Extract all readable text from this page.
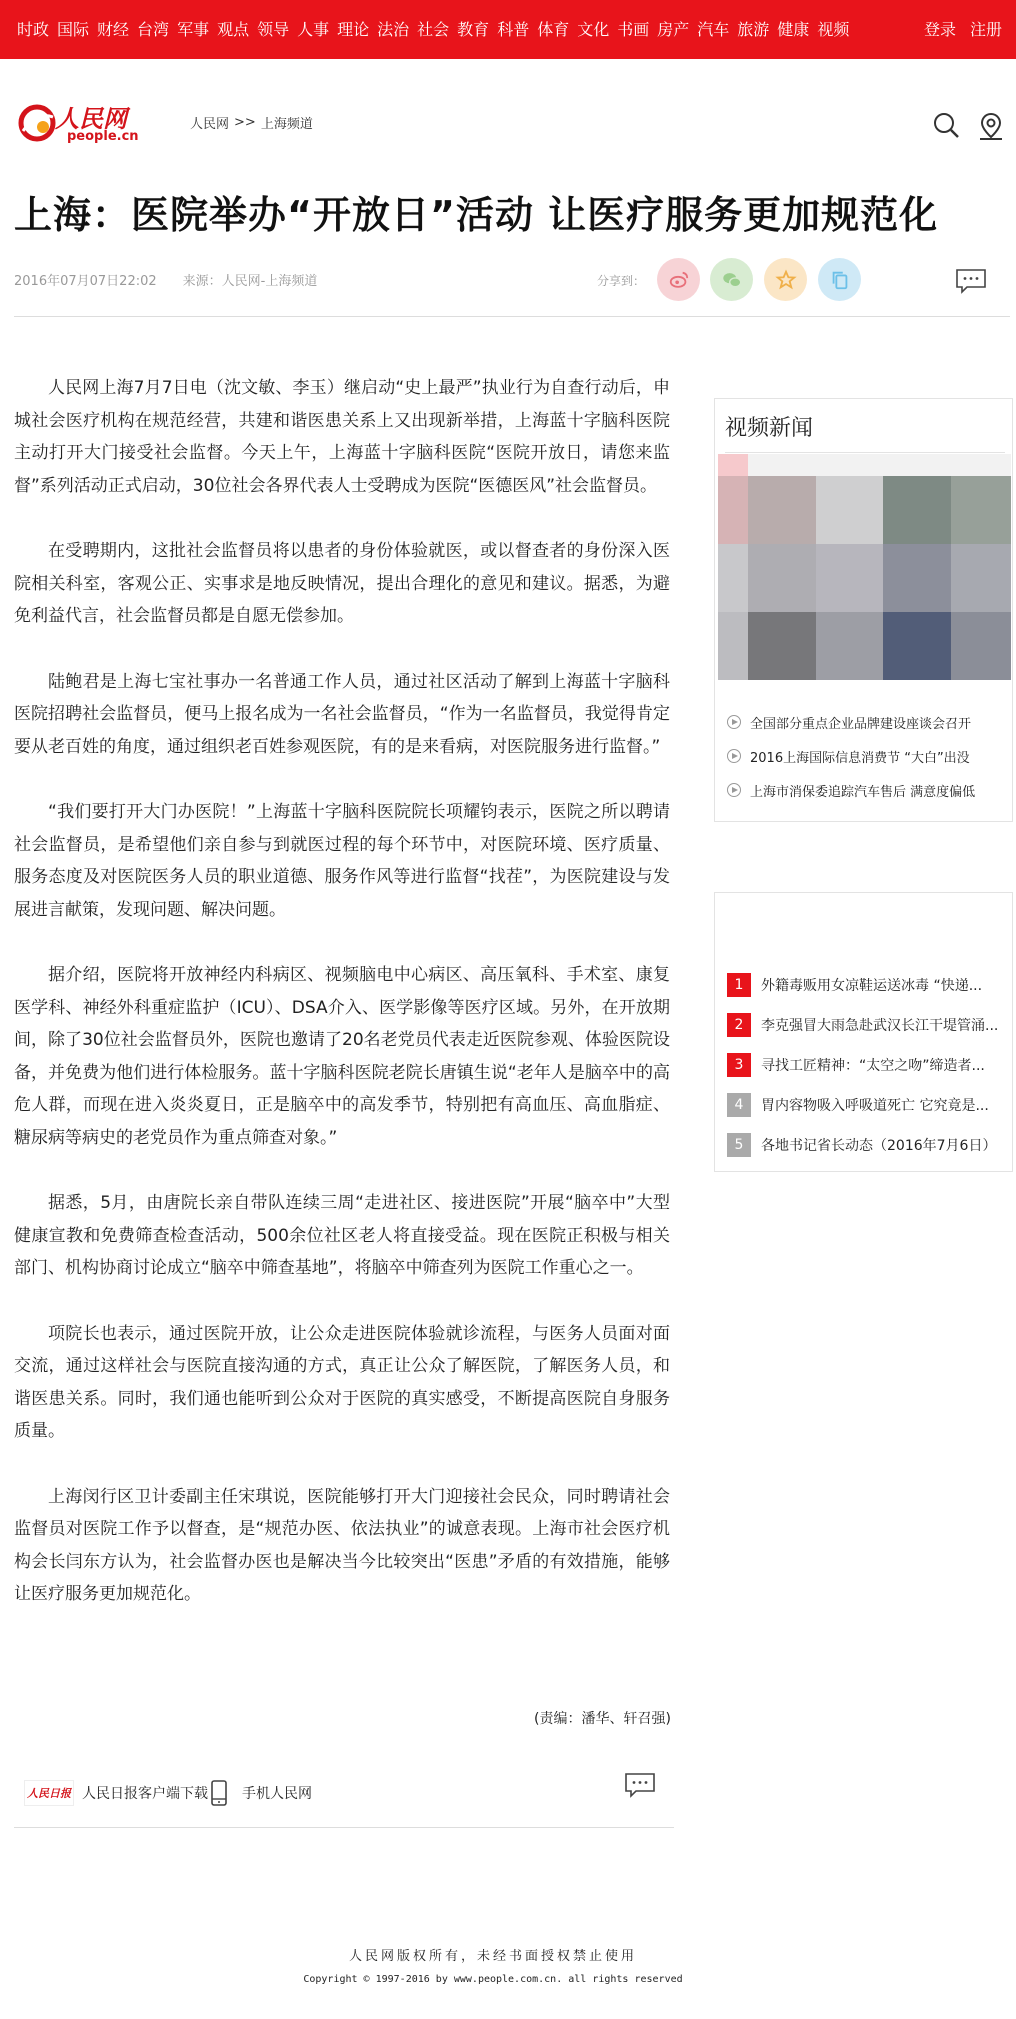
时政 国际 财经 台湾 军事 观点 领导 人事 理论 法治 社会 教育 科普 体育 文化 书画 房产 汽车 旅游 健康 视频	登录 注册
人民网
people.cn
人民网 >> 上海频道
上海：医院举办“开放日”活动 让医疗服务更加规范化
2016年07月07日22:02 来源：人民网-上海频道	分享到：

人民网上海7月7日电（沈文敏、李玉）继启动“史上最严”执业行为自查行动后，申城社会医疗机构在规范经营，共建和谐医患关系上又出现新举措，上海蓝十字脑科医院主动打开大门接受社会监督。今天上午，上海蓝十字脑科医院“医院开放日，请您来监督”系列活动正式启动，30位社会各界代表人士受聘成为医院“医德医风”社会监督员。

在受聘期内，这批社会监督员将以患者的身份体验就医，或以督查者的身份深入医院相关科室，客观公正、实事求是地反映情况，提出合理化的意见和建议。据悉，为避免利益代言，社会监督员都是自愿无偿参加。

陆鲍君是上海七宝社事办一名普通工作人员，通过社区活动了解到上海蓝十字脑科医院招聘社会监督员，便马上报名成为一名社会监督员，“作为一名监督员，我觉得肯定要从老百姓的角度，通过组织老百姓参观医院，有的是来看病，对医院服务进行监督。”

“我们要打开大门办医院！”上海蓝十字脑科医院院长项耀钧表示，医院之所以聘请社会监督员，是希望他们亲自参与到就医过程的每个环节中，对医院环境、医疗质量、服务态度及对医院医务人员的职业道德、服务作风等进行监督“找茬”，为医院建设与发展进言献策，发现问题、解决问题。

据介绍，医院将开放神经内科病区、视频脑电中心病区、高压氧科、手术室、康复医学科、神经外科重症监护（ICU）、DSA介入、医学影像等医疗区域。另外，在开放期间，除了30位社会监督员外，医院也邀请了20名老党员代表走近医院参观、体验医院设备，并免费为他们进行体检服务。蓝十字脑科医院老院长唐镇生说“老年人是脑卒中的高危人群，而现在进入炎炎夏日，正是脑卒中的高发季节，特别把有高血压、高血脂症、糖尿病等病史的老党员作为重点筛查对象。”

据悉，5月，由唐院长亲自带队连续三周“走进社区、接进医院”开展“脑卒中”大型健康宣教和免费筛查检查活动，500余位社区老人将直接受益。现在医院正积极与相关部门、机构协商讨论成立“脑卒中筛查基地”，将脑卒中筛查列为医院工作重心之一。

项院长也表示，通过医院开放，让公众走进医院体验就诊流程，与医务人员面对面交流，通过这样社会与医院直接沟通的方式，真正让公众了解医院，了解医务人员，和谐医患关系。同时，我们通也能听到公众对于医院的真实感受，不断提高医院自身服务质量。

上海闵行区卫计委副主任宋琪说，医院能够打开大门迎接社会民众，同时聘请社会监督员对医院工作予以督查，是“规范办医、依法执业”的诚意表现。上海市社会医疗机构会长闫东方认为，社会监督办医也是解决当今比较突出“医患”矛盾的有效措施，能够让医疗服务更加规范化。

(责编：潘华、轩召强)
人民日报 人民日报客户端下载 手机人民网
视频新闻
全国部分重点企业品牌建设座谈会召开
2016上海国际信息消费节 “大白”出没
上海市消保委追踪汽车售后 满意度偏低
1	外籍毒贩用女凉鞋运送冰毒 “快递...
2	李克强冒大雨急赴武汉长江干堤管涌...
3	寻找工匠精神：“太空之吻”缔造者...
4	胃内容物吸入呼吸道死亡 它究竟是...
5	各地书记省长动态（2016年7月6日）
人民网版权所有，未经书面授权禁止使用
Copyright © 1997-2016 by www.people.com.cn. all rights reserved
